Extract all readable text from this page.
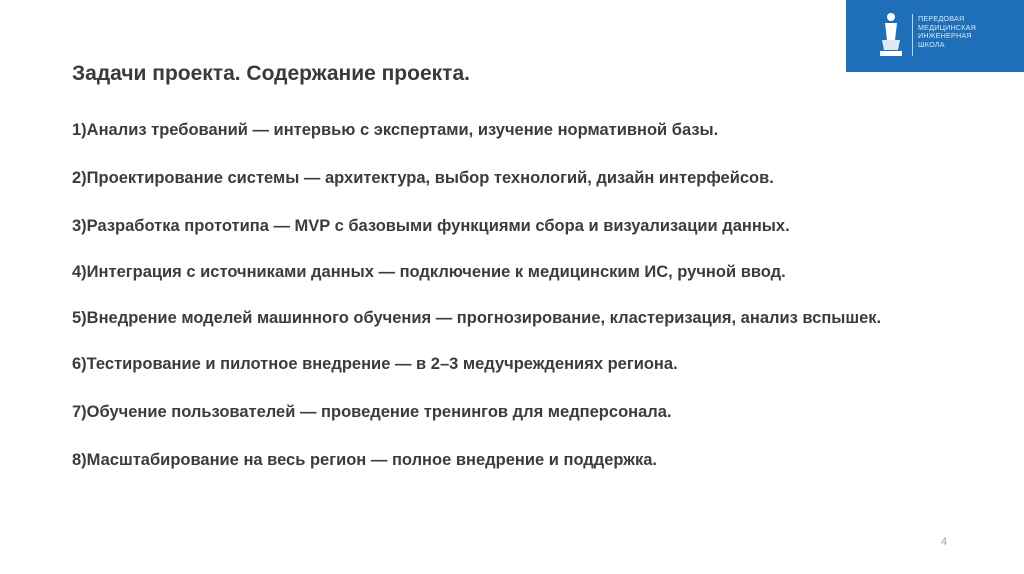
ПЕРЕДОВАЯ
МЕДИЦИНСКАЯ
ИНЖЕНЕРНАЯ
ШКОЛА
Задачи проекта. Содержание проекта.
1)Анализ требований — интервью с экспертами, изучение нормативной базы.
2)Проектирование системы — архитектура, выбор технологий, дизайн интерфейсов.
3)Разработка прототипа — MVP с базовыми функциями сбора и визуализации данных.
4)Интеграция с источниками данных — подключение к медицинским ИС, ручной ввод.
5)Внедрение моделей машинного обучения — прогнозирование, кластеризация, анализ вспышек.
6)Тестирование и пилотное внедрение — в 2–3 медучреждениях региона.
7)Обучение пользователей — проведение тренингов для медперсонала.
8)Масштабирование на весь регион — полное внедрение и поддержка.
4
